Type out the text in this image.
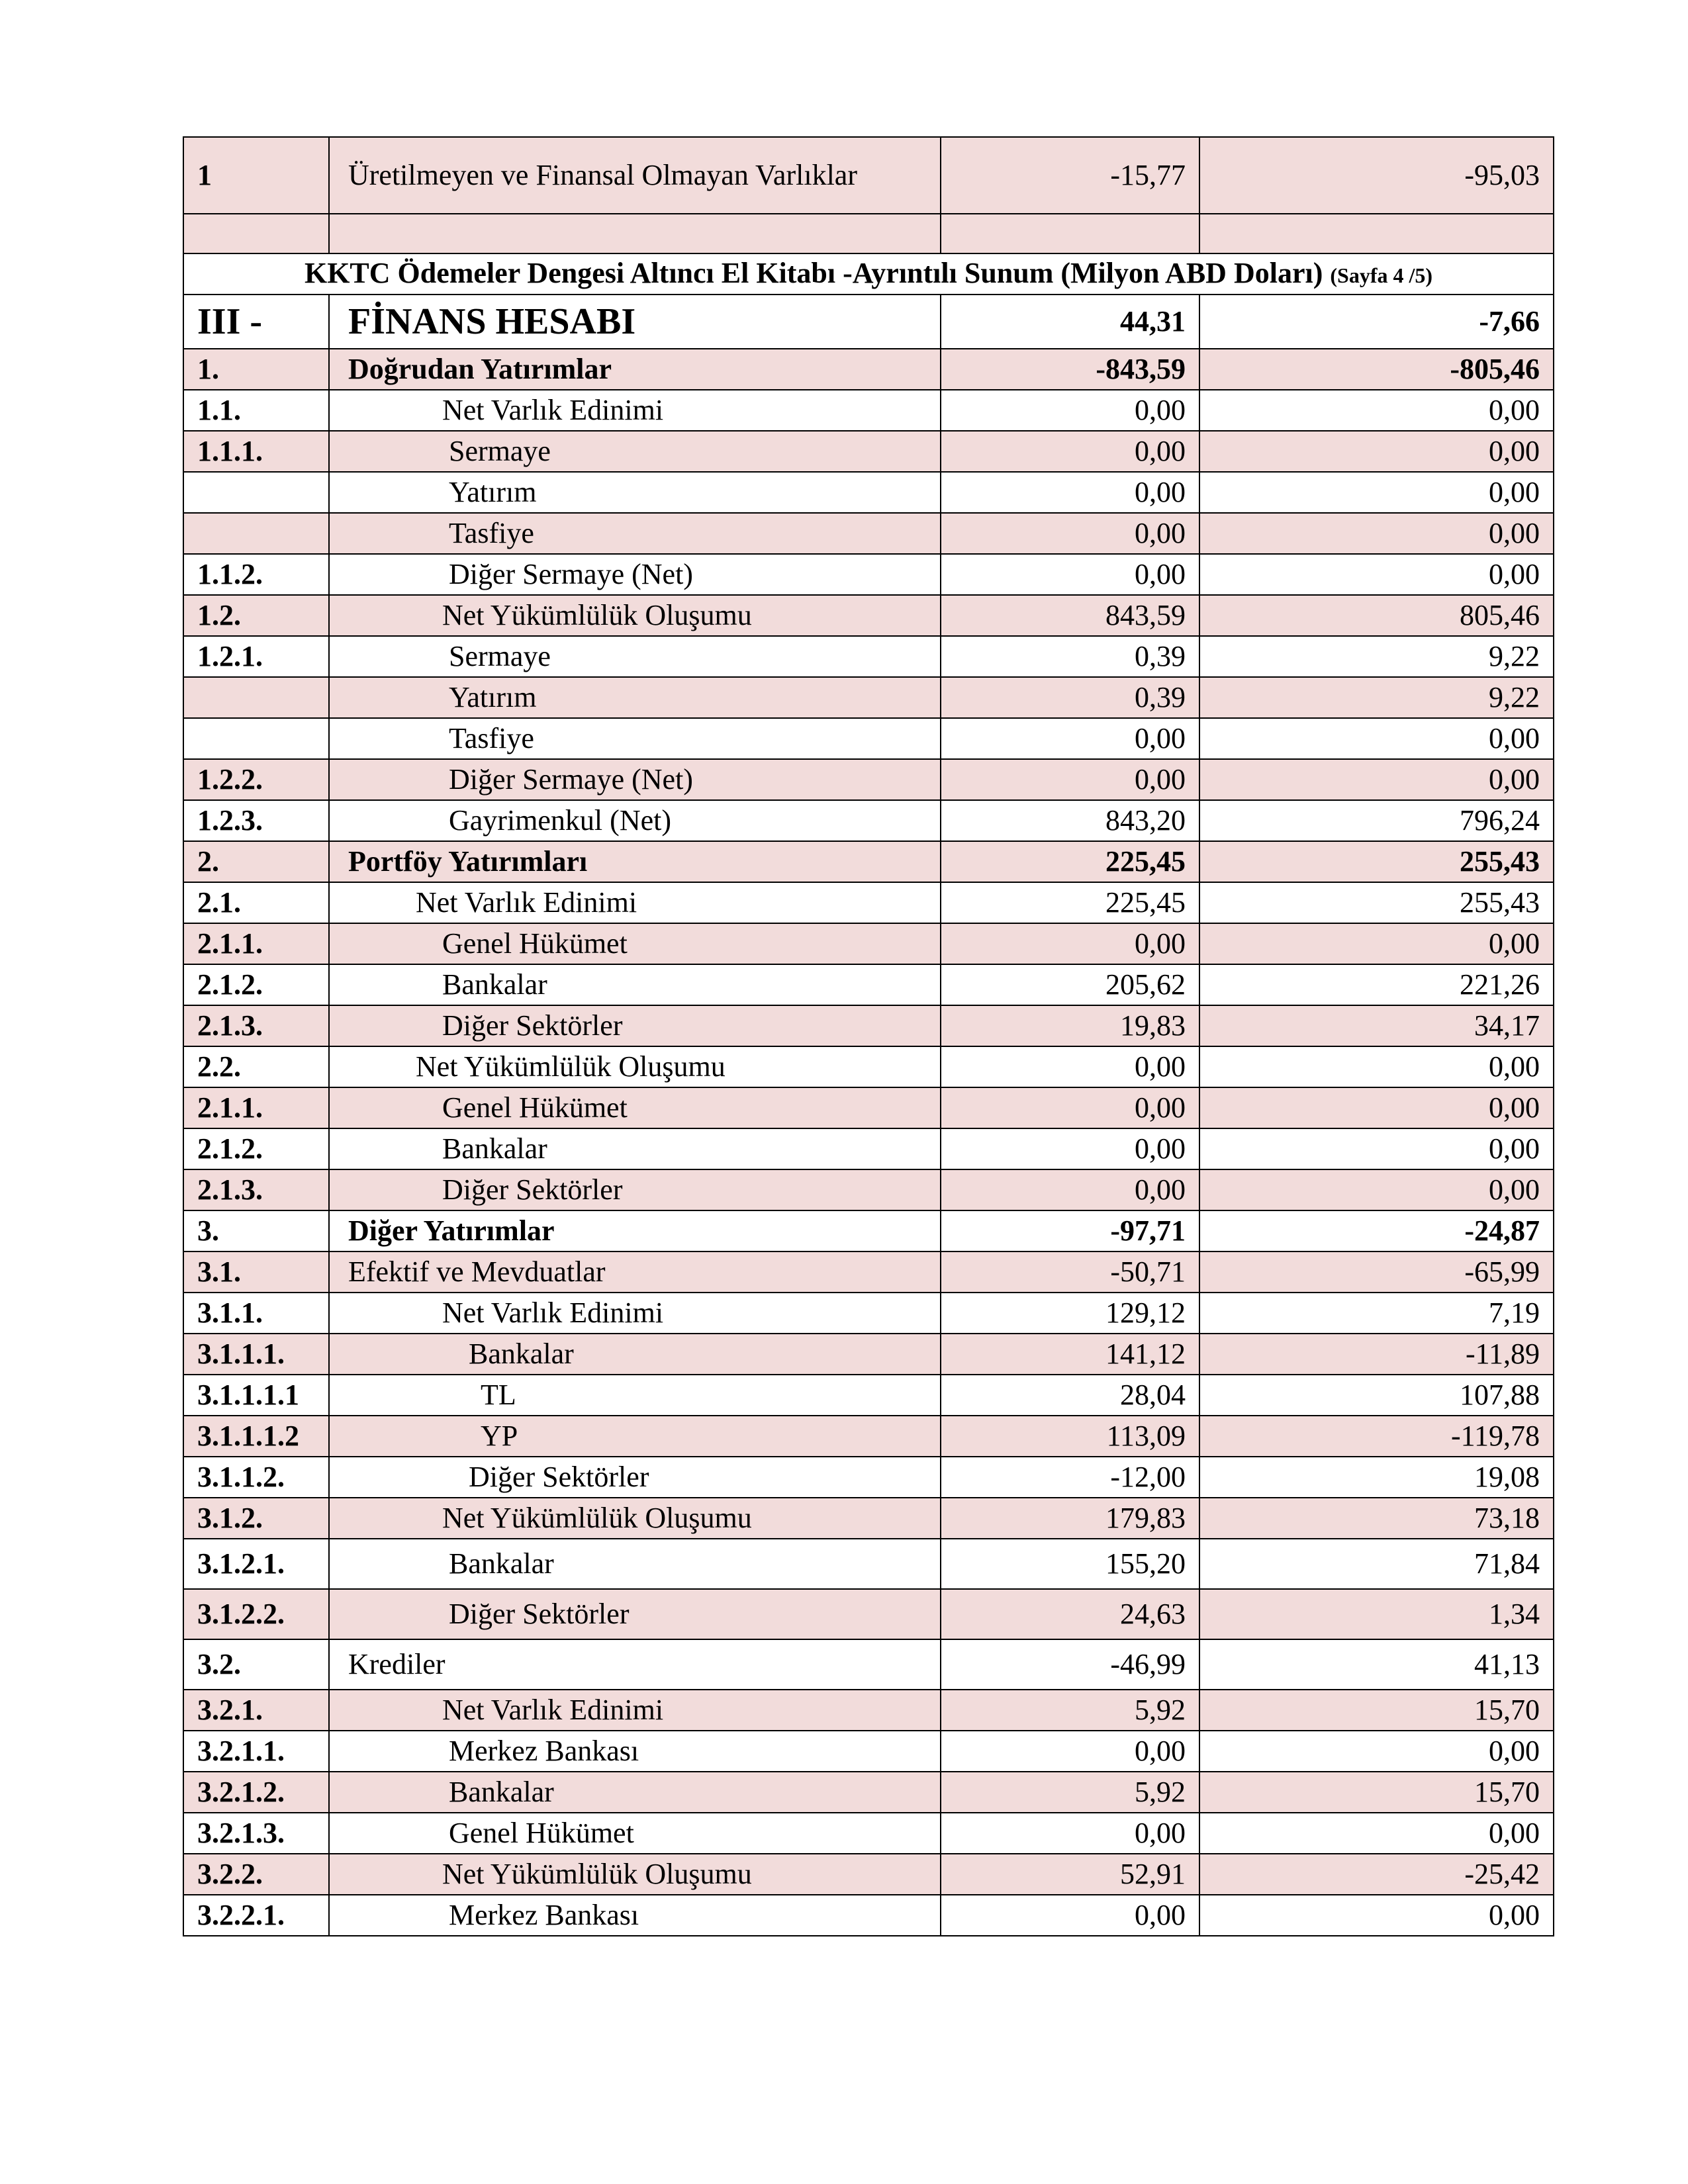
1	Üretilmeyen ve Finansal Olmayan Varlıklar	-15,77	-95,03

KKTC Ödemeler Dengesi Altıncı El Kitabı -Ayrıntılı Sunum (Milyon ABD Doları) (Sayfa 4 /5)			
III -	FİNANS HESABI	44,31	-7,66
1.	Doğrudan Yatırımlar	-843,59	-805,46
1.1.	Net Varlık Edinimi	0,00	0,00
1.1.1.	Sermaye	0,00	0,00
	Yatırım	0,00	0,00
	Tasfiye	0,00	0,00
1.1.2.	Diğer Sermaye (Net)	0,00	0,00
1.2.	Net Yükümlülük Oluşumu	843,59	805,46
1.2.1.	Sermaye	0,39	9,22
	Yatırım	0,39	9,22
	Tasfiye	0,00	0,00
1.2.2.	Diğer Sermaye (Net)	0,00	0,00
1.2.3.	Gayrimenkul (Net)	843,20	796,24
2.	Portföy Yatırımları	225,45	255,43
2.1.	Net Varlık Edinimi	225,45	255,43
2.1.1.	Genel Hükümet	0,00	0,00
2.1.2.	Bankalar	205,62	221,26
2.1.3.	Diğer Sektörler	19,83	34,17
2.2.	Net Yükümlülük Oluşumu	0,00	0,00
2.1.1.	Genel Hükümet	0,00	0,00
2.1.2.	Bankalar	0,00	0,00
2.1.3.	Diğer Sektörler	0,00	0,00
3.	Diğer Yatırımlar	-97,71	-24,87
3.1.	Efektif ve Mevduatlar	-50,71	-65,99
3.1.1.	Net Varlık Edinimi	129,12	7,19
3.1.1.1.	Bankalar	141,12	-11,89
3.1.1.1.1	TL	28,04	107,88
3.1.1.1.2	YP	113,09	-119,78
3.1.1.2.	Diğer Sektörler	-12,00	19,08
3.1.2.	Net Yükümlülük Oluşumu	179,83	73,18
3.1.2.1.	Bankalar	155,20	71,84
3.1.2.2.	Diğer Sektörler	24,63	1,34
3.2.	Krediler	-46,99	41,13
3.2.1.	Net Varlık Edinimi	5,92	15,70
3.2.1.1.	Merkez Bankası	0,00	0,00
3.2.1.2.	Bankalar	5,92	15,70
3.2.1.3.	Genel Hükümet	0,00	0,00
3.2.2.	Net Yükümlülük Oluşumu	52,91	-25,42
3.2.2.1.	Merkez Bankası	0,00	0,00
